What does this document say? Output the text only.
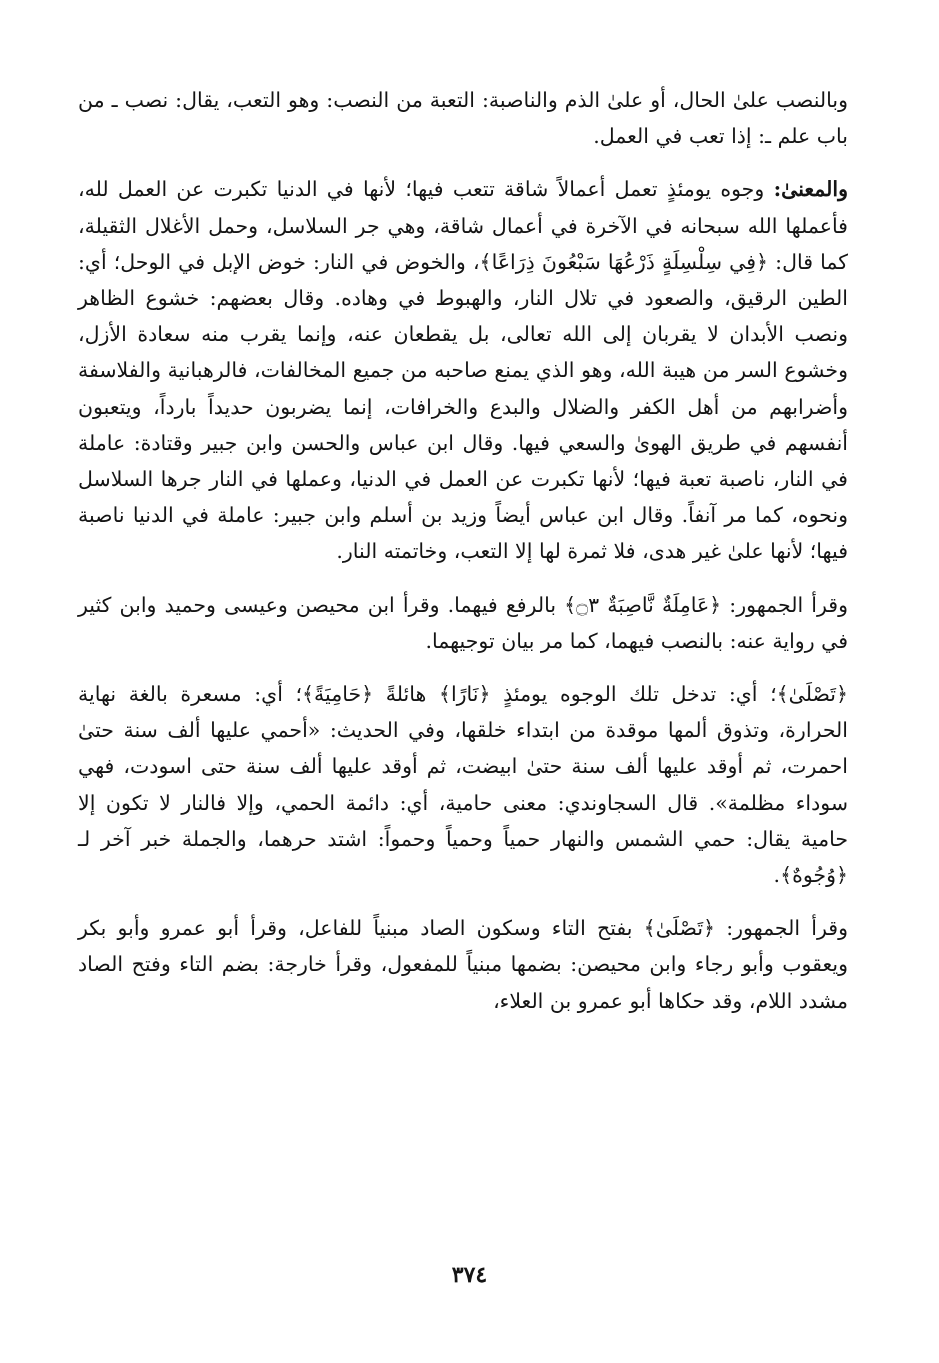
وبالنصب علىٰ الحال، أو علىٰ الذم والناصبة: التعبة من النصب: وهو التعب، يقال: نصب ـ من باب علم ـ: إذا تعب في العمل.

والمعنىٰ: وجوه يومئذٍ تعمل أعمالاً شاقة تتعب فيها؛ لأنها في الدنيا تكبرت عن العمل لله، فأعملها الله سبحانه في الآخرة في أعمال شاقة، وهي جر السلاسل، وحمل الأغلال الثقيلة، كما قال: ﴿فِي سِلْسِلَةٍ ذَرْعُهَا سَبْعُونَ ذِرَاعًا﴾، والخوض في النار: خوض الإبل في الوحل؛ أي: الطين الرقيق، والصعود في تلال النار، والهبوط في وهاده. وقال بعضهم: خشوع الظاهر ونصب الأبدان لا يقربان إلى الله تعالى، بل يقطعان عنه، وإنما يقرب منه سعادة الأزل، وخشوع السر من هيبة الله، وهو الذي يمنع صاحبه من جميع المخالفات، فالرهبانية والفلاسفة وأضرابهم من أهل الكفر والضلال والبدع والخرافات، إنما يضربون حديداً بارداً، ويتعبون أنفسهم في طريق الهوىٰ والسعي فيها. وقال ابن عباس والحسن وابن جبير وقتادة: عاملة في النار، ناصبة تعبة فيها؛ لأنها تكبرت عن العمل في الدنيا، وعملها في النار جرها السلاسل ونحوه، كما مر آنفاً. وقال ابن عباس أيضاً وزيد بن أسلم وابن جبير: عاملة في الدنيا ناصبة فيها؛ لأنها علىٰ غير هدى، فلا ثمرة لها إلا التعب، وخاتمته النار.

وقرأ الجمهور: ﴿عَامِلَةٌ نَّاصِبَةٌ ۝٣﴾ بالرفع فيهما. وقرأ ابن محيصن وعيسى وحميد وابن كثير في رواية عنه: بالنصب فيهما، كما مر بيان توجيهما.

﴿تَصْلَىٰ﴾؛ أي: تدخل تلك الوجوه يومئذٍ ﴿نَارًا﴾ هائلةً ﴿حَامِيَةً﴾؛ أي: مسعرة بالغة نهاية الحرارة، وتذوق ألمها موقدة من ابتداء خلقها، وفي الحديث: «أحمي عليها ألف سنة حتىٰ احمرت، ثم أوقد عليها ألف سنة حتىٰ ابيضت، ثم أوقد عليها ألف سنة حتى اسودت، فهي سوداء مظلمة». قال السجاوندي: معنى حامية، أي: دائمة الحمي، وإلا فالنار لا تكون إلا حامية يقال: حمي الشمس والنهار حمياً وحمياً وحمواً: اشتد حرهما، والجملة خبر آخر لـ ﴿وُجُوهٌ﴾.

وقرأ الجمهور: ﴿تَصْلَىٰ﴾ بفتح التاء وسكون الصاد مبنياً للفاعل، وقرأ أبو عمرو وأبو بكر ويعقوب وأبو رجاء وابن محيصن: بضمها مبنياً للمفعول، وقرأ خارجة: بضم التاء وفتح الصاد مشدد اللام، وقد حكاها أبو عمرو بن العلاء،

٣٧٤
